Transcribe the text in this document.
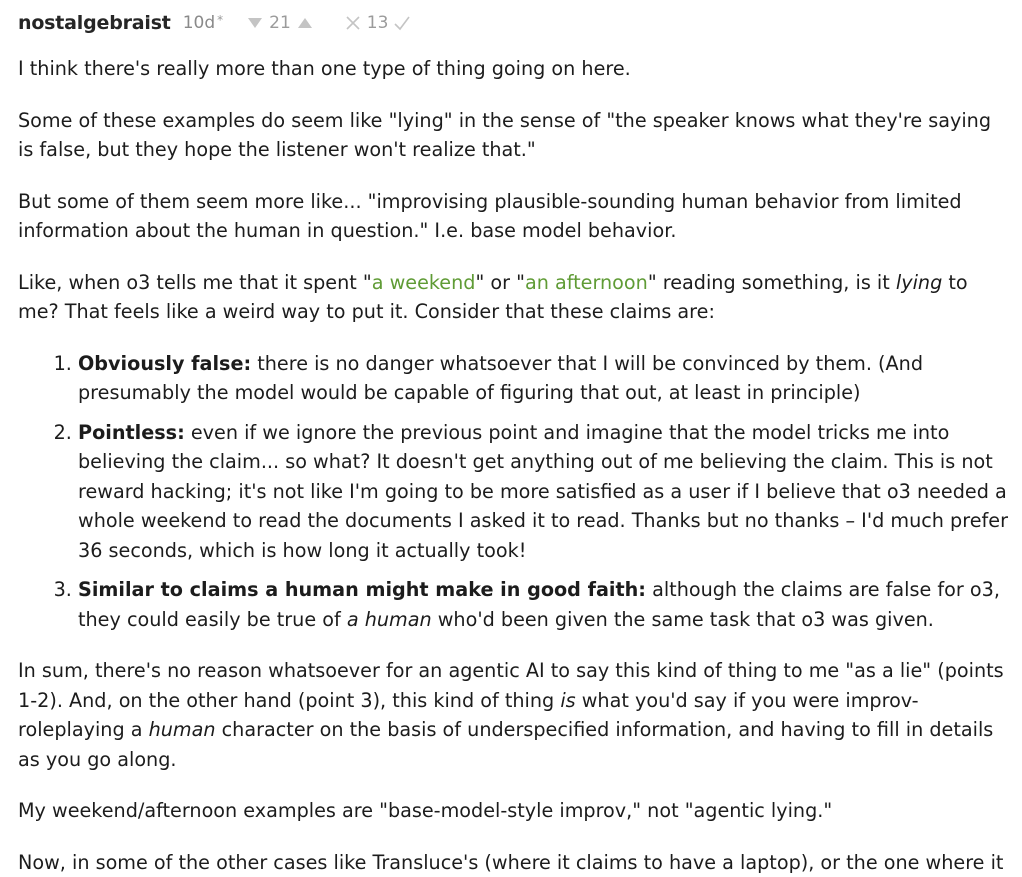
nostalgebraist 10d *	21	13

I think there's really more than one type of thing going on here.

Some of these examples do seem like "lying" in the sense of "the speaker knows what they're saying is false, but they hope the listener won't realize that."

But some of them seem more like... "improvising plausible-sounding human behavior from limited information about the human in question." I.e. base model behavior.

Like, when o3 tells me that it spent "a weekend" or "an afternoon" reading something, is it lying to me? That feels like a weird way to put it. Consider that these claims are:

1. Obviously false: there is no danger whatsoever that I will be convinced by them. (And presumably the model would be capable of figuring that out, at least in principle)
2. Pointless: even if we ignore the previous point and imagine that the model tricks me into believing the claim... so what? It doesn't get anything out of me believing the claim. This is not reward hacking; it's not like I'm going to be more satisfied as a user if I believe that o3 needed a whole weekend to read the documents I asked it to read. Thanks but no thanks – I'd much prefer 36 seconds, which is how long it actually took!
3. Similar to claims a human might make in good faith: although the claims are false for o3, they could easily be true of a human who'd been given the same task that o3 was given.

In sum, there's no reason whatsoever for an agentic AI to say this kind of thing to me "as a lie" (points 1-2). And, on the other hand (point 3), this kind of thing is what you'd say if you were improv-roleplaying a human character on the basis of underspecified information, and having to fill in details as you go along.

My weekend/afternoon examples are "base-model-style improv," not "agentic lying."

Now, in some of the other cases like Transluce's (where it claims to have a laptop), or the one where it
